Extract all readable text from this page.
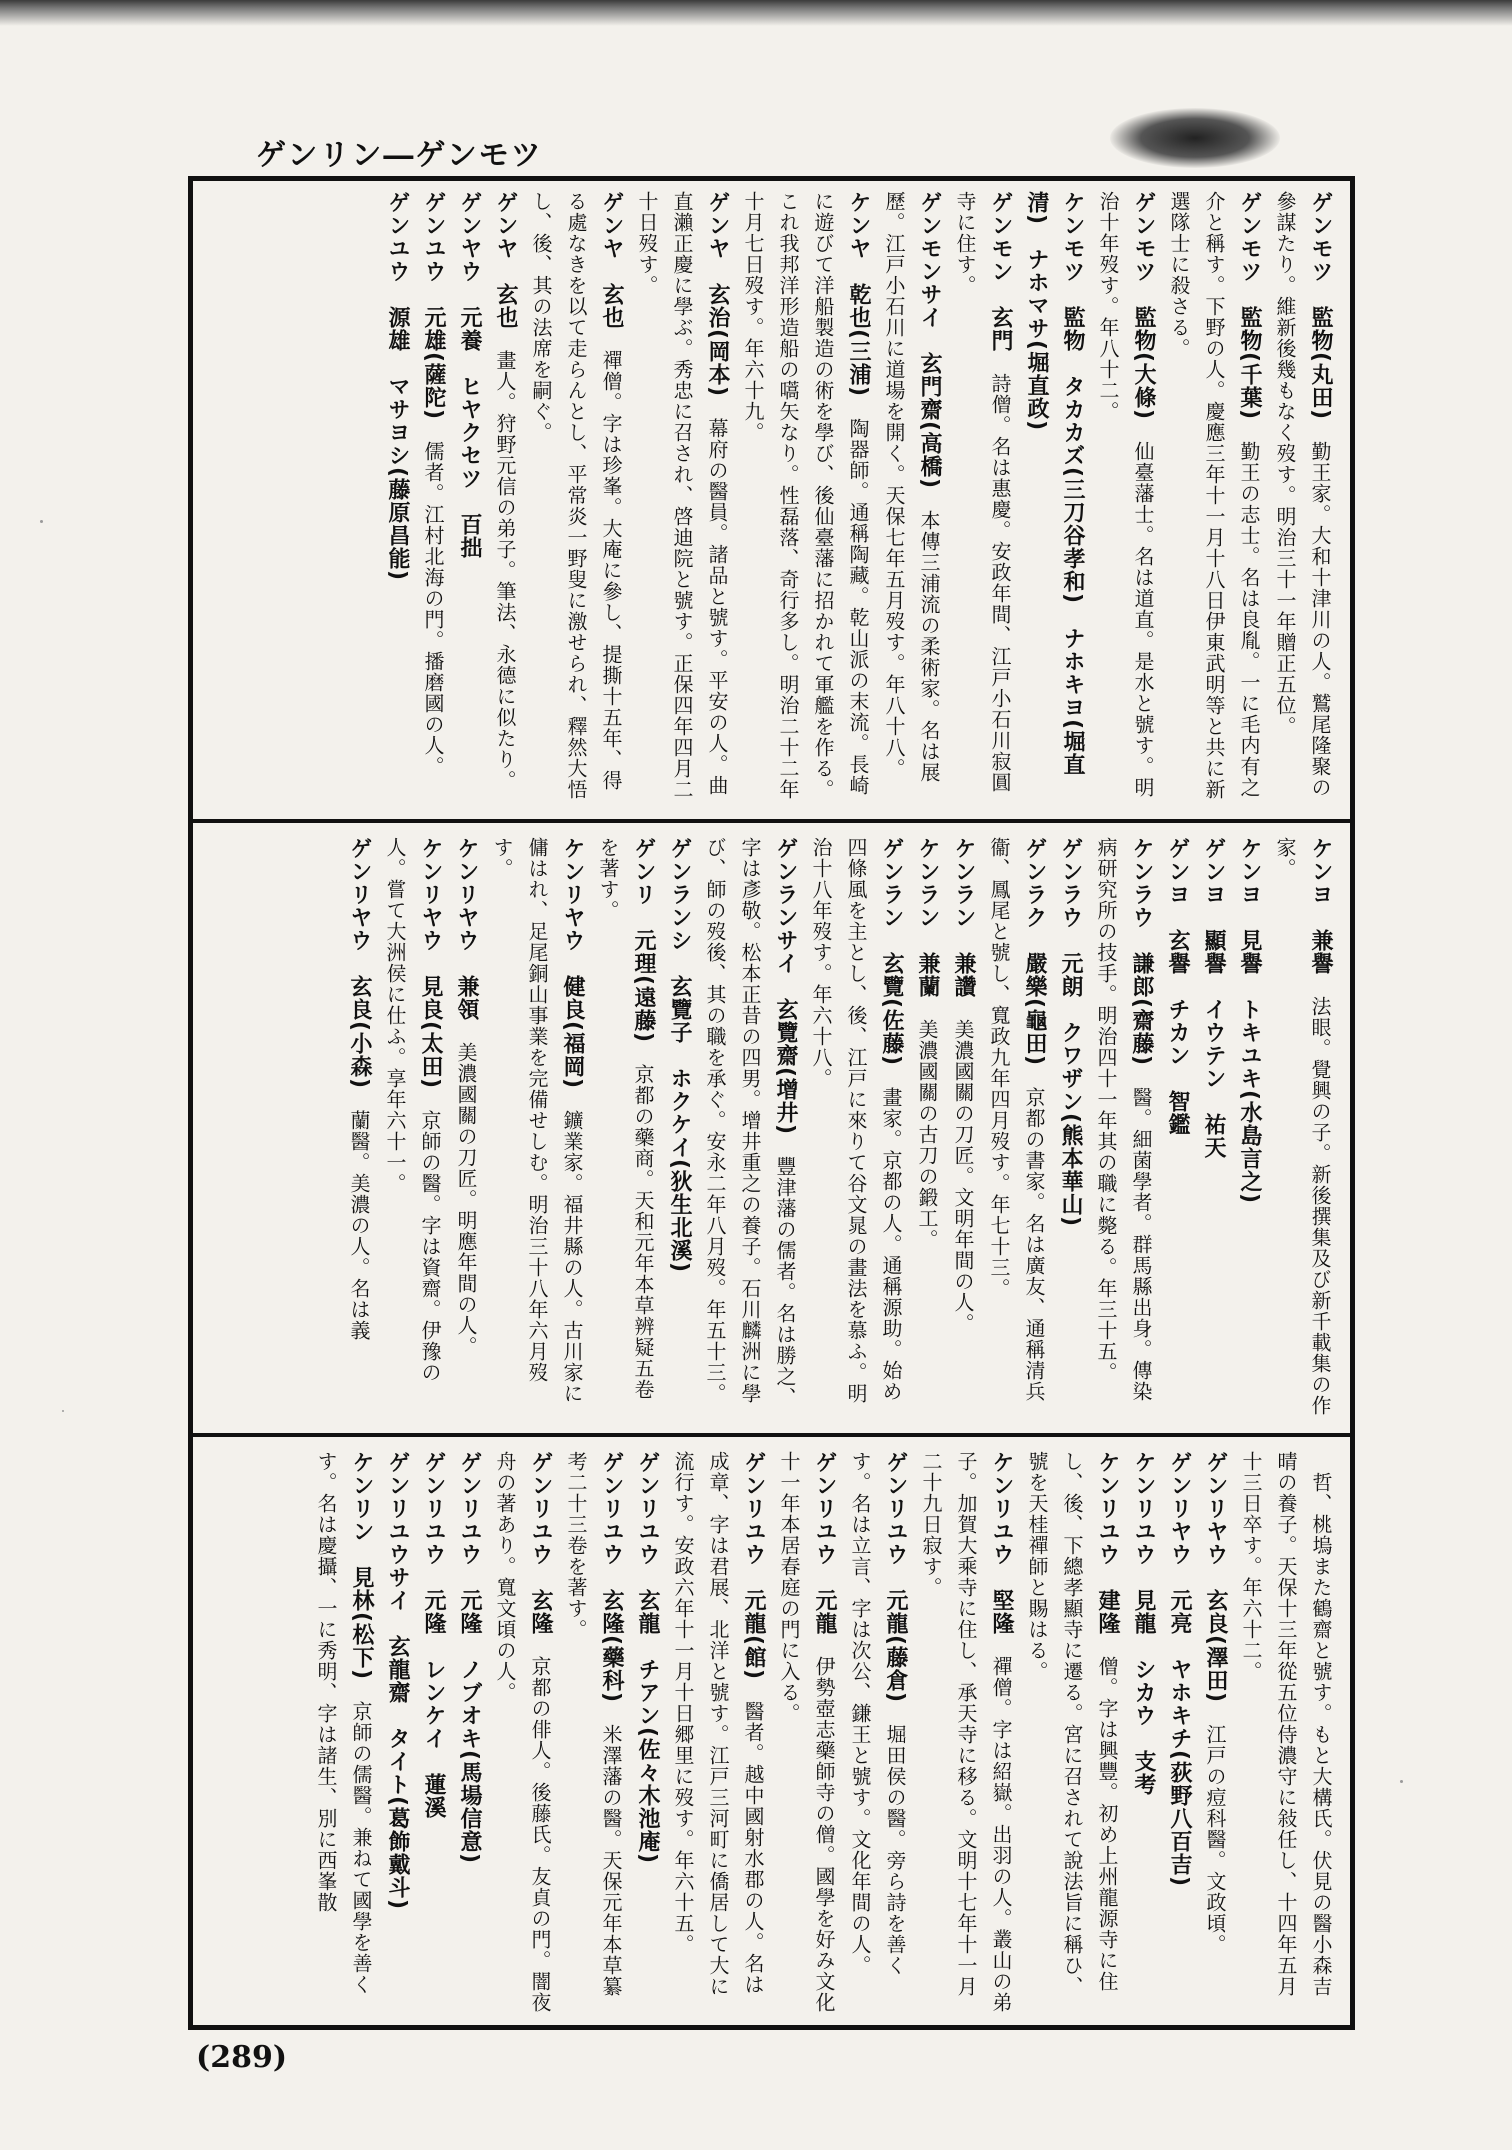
ゲンリン―ゲンモツ

ゲンモツ　監物(丸田)　勤王家。大和十津川の人。鷲尾隆聚の參謀たり。維新後幾もなく歿す。明治三十一年贈正五位。

ゲンモツ　監物(千葉)　勤王の志士。名は良胤。一に毛内有之介と稱す。下野の人。慶應三年十一月十八日伊東武明等と共に新選隊士に殺さる。

ゲンモツ　監物(大條)　仙臺藩士。名は道直。是水と號す。明治十年歿す。年八十二。

ケンモツ　監物　タカカズ(三刀谷孝和)　ナホキヨ(堀直清)　ナホマサ(堀直政)

ゲンモン　玄門　詩僧。名は惠慶。安政年間、江戸小石川寂圓寺に住す。

ゲンモンサイ　玄門齋(高橋)　本傳三浦流の柔術家。名は展歷。江戸小石川に道場を開く。天保七年五月歿す。年八十八。

ケンヤ　乾也(三浦)　陶器師。通稱陶藏。乾山派の末流。長崎に遊びて洋船製造の術を學び、後仙臺藩に招かれて軍艦を作る。これ我邦洋形造船の嚆矢なり。性磊落、奇行多し。明治二十二年十月七日歿す。年六十九。

ゲンヤ　玄治(岡本)　幕府の醫員。諸品と號す。平安の人。曲直瀨正慶に學ぶ。秀忠に召され、啓迪院と號す。正保四年四月二十日歿す。

ゲンヤ　玄也　禪僧。字は珍峯。大庵に參し、提撕十五年、得る處なきを以て走らんとし、平常炎一野叟に激せられ、釋然大悟し、後、其の法席を嗣ぐ。

ゲンヤ　玄也　畫人。狩野元信の弟子。筆法、永德に似たり。

ゲンヤウ　元養　ヒヤクセツ　百拙

ゲンユウ　元雄(薩陀)　儒者。江村北海の門。播磨國の人。

ゲンユウ　源雄　マサヨシ(藤原昌能)

ケンヨ　兼譽　法眼。覺興の子。新後撰集及び新千載集の作家。

ケンヨ　見譽　トキユキ(水島言之)

ゲンヨ　顯譽　イウテン　祐天

ゲンヨ　玄譽　チカン　智鑑

ケンラウ　謙郎(齋藤)　醫。細菌學者。群馬縣出身。傳染病研究所の技手。明治四十一年其の職に斃る。年三十五。

ゲンラウ　元朗　クワザン(熊本華山)

ゲンラク　嚴樂(龜田)　京都の書家。名は廣友、通稱清兵衞、鳳尾と號し、寬政九年四月歿す。年七十三。

ケンラン　兼讚　美濃國關の刀匠。文明年間の人。

ケンラン　兼蘭　美濃國關の古刀の鍛工。

ゲンラン　玄覽(佐藤)　畫家。京都の人。通稱源助。始め四條風を主とし、後、江戸に來りて谷文晁の畫法を慕ふ。明治十八年歿す。年六十八。

ゲンランサイ　玄覽齋(增井)　豐津藩の儒者。名は勝之、字は彥敬。松本正昔の四男。增井重之の養子。石川麟洲に學び、師の歿後、其の職を承ぐ。安永二年八月歿。年五十三。

ゲンランシ　玄覽子　ホクケイ(狄生北溪)

ゲンリ　元理(遠藤)　京都の藥商。天和元年本草辨疑五卷を著す。

ケンリヤウ　健良(福岡)　鑛業家。福井縣の人。古川家に傭はれ、足尾銅山事業を完備せしむ。明治三十八年六月歿す。

ケンリヤウ　兼領　美濃國關の刀匠。明應年間の人。

ケンリヤウ　見良(太田)　京師の醫。字は資齋。伊豫の人。嘗て大洲侯に仕ふ。享年六十一。

ゲンリヤウ　玄良(小森)　蘭醫。美濃の人。名は義

　哲、桃塢また鶴齋と號す。もと大構氏。伏見の醫小森吉晴の養子。天保十三年從五位侍濃守に敍任し、十四年五月十三日卒す。年六十二。

ゲンリヤウ　玄良(澤田)　江戸の痘科醫。文政頃。

ゲンリヤウ　元亮　ヤホキチ(荻野八百吉)

ケンリユウ　見龍　シカウ　支考

ケンリユウ　建隆　僧。字は興豐。初め上州龍源寺に住し、後、下總孝顯寺に遷る。宮に召されて說法旨に稱ひ、號を天桂禪師と賜はる。

ケンリユウ　堅隆　禪僧。字は紹嶽。出羽の人。叢山の弟子。加賀大乘寺に住し、承天寺に移る。文明十七年十一月二十九日寂す。

ゲンリユウ　元龍(藤倉)　堀田侯の醫。旁ら詩を善くす。名は立言、字は次公、鎌王と號す。文化年間の人。

ゲンリユウ　元龍　伊勢壺志藥師寺の僧。國學を好み文化十一年本居春庭の門に入る。

ゲンリユウ　元龍(館)　醫者。越中國射水郡の人。名は成章、字は君展、北洋と號す。江戸三河町に僑居して大に流行す。安政六年十一月十日郷里に歿す。年六十五。

ゲンリユウ　玄龍　チアン(佐々木池庵)

ゲンリユウ　玄隆(藥科)　米澤藩の醫。天保元年本草纂考二十三卷を著す。

ゲンリユウ　玄隆　京都の俳人。後藤氏。友貞の門。闇夜舟の著あり。寬文頃の人。

ゲンリユウ　元隆　ノブオキ(馬場信意)

ゲンリユウ　元隆　レンケイ　蓮溪

ゲンリユウサイ　玄龍齋　タイト(葛飾戴斗)

ケンリン　見林(松下)　京師の儒醫。兼ねて國學を善くす。名は慶攝、一に秀明、字は諸生、別に西峯散

(289)
